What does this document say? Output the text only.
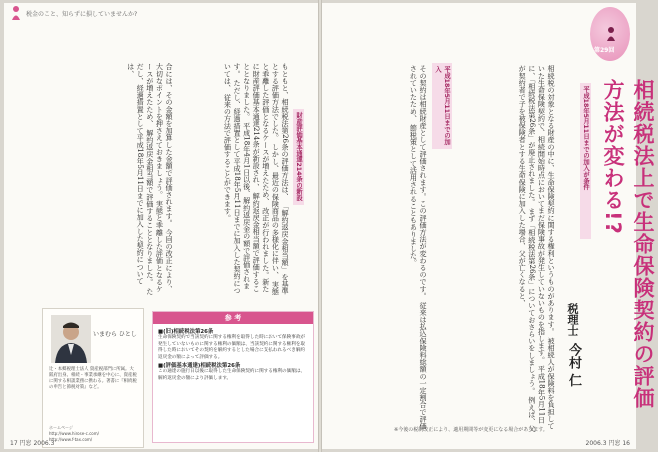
税金のこと、知らずに損していませんか?
財産評価基本通達214条の新設
もともと、相続税法第26条の評価方法は、 「解約返戻金相当額」を基準とする評価方法でした。 しかし、最近の保険商品の多様化に伴い、 実態と乖離した評価となるケースが増えたため、 改正が行われました。新たに財産評価基本通達214条が新設され、 解約返戻金相当額で評価することとなりました。 平成18年4月1日以後、解約返戻金の額で評価されます。 ただし、経過措置として平成18年5月11日までに加入した契約については、 従来の方法で評価することができます。
合には、その金額を加算した金額で評価されます。 今回の改正により、 大切なポイントを押さえておきましょう。 実態と乖離した評価となるケースが増えたため、 解約返戻金相当額で評価することとなりました。 ただし、経過措置として平成18年5月11日までに加入した契約については、
いまむら ひとし
辻・本郷税理士法人 資産税部門に所属。大阪府出身。相続・事業承継を中心に、資産税に関する相談業務に携わる。著書に『相続税の申告と節税対策』など。
ホームページ
http://www.hirose-c.com/
http://www.f-tax.com/
参 考
■(旧)相続税法第26条
生命保険契約で当該契約に関する権利を取得した時において保険事故が発生していないものに関する権利の価額は、当該契約に関する権利を取得した時においてその契約を解約するとした場合に支払われるべき解約返戻金の額によって評価する。
■(評価基本通達)相続税法第26条
この通達の施行日以後に取得した生命保険契約に関する権利の価額は、解約返戻金の額により評価します。
17 円窓 2006.3
第29回
相続税法上で生命保険契約の評価方法が変わる!?
平成18年5月11日までの加入が条件
税理士
今村 仁
相続税の対象となる財産の中に、生命保険契約に関する権利というものがあります。 被相続人が保険料を負担していた生命保険契約で、相続開始時点においてまだ保険事故が発生していないものを指します。 平成18年5月11日に、「相続税法第26条」が廃止されました。 まず「相続税法第26条」についておさらいをしましょう。 例えば、父が契約者で子を被保険者とする生命保険に加入した場合、父が亡くなると、
平成18年5月11日までの加入
その契約は相続財産として評価されます。この評価方法が変わるのです。 従来は払込保険料総額の一定割合で評価されていたため、 節税策として活用されることもありました。
※今後の税制改正により、適用期間等が変更になる場合があります。
2006.3 円窓 16
